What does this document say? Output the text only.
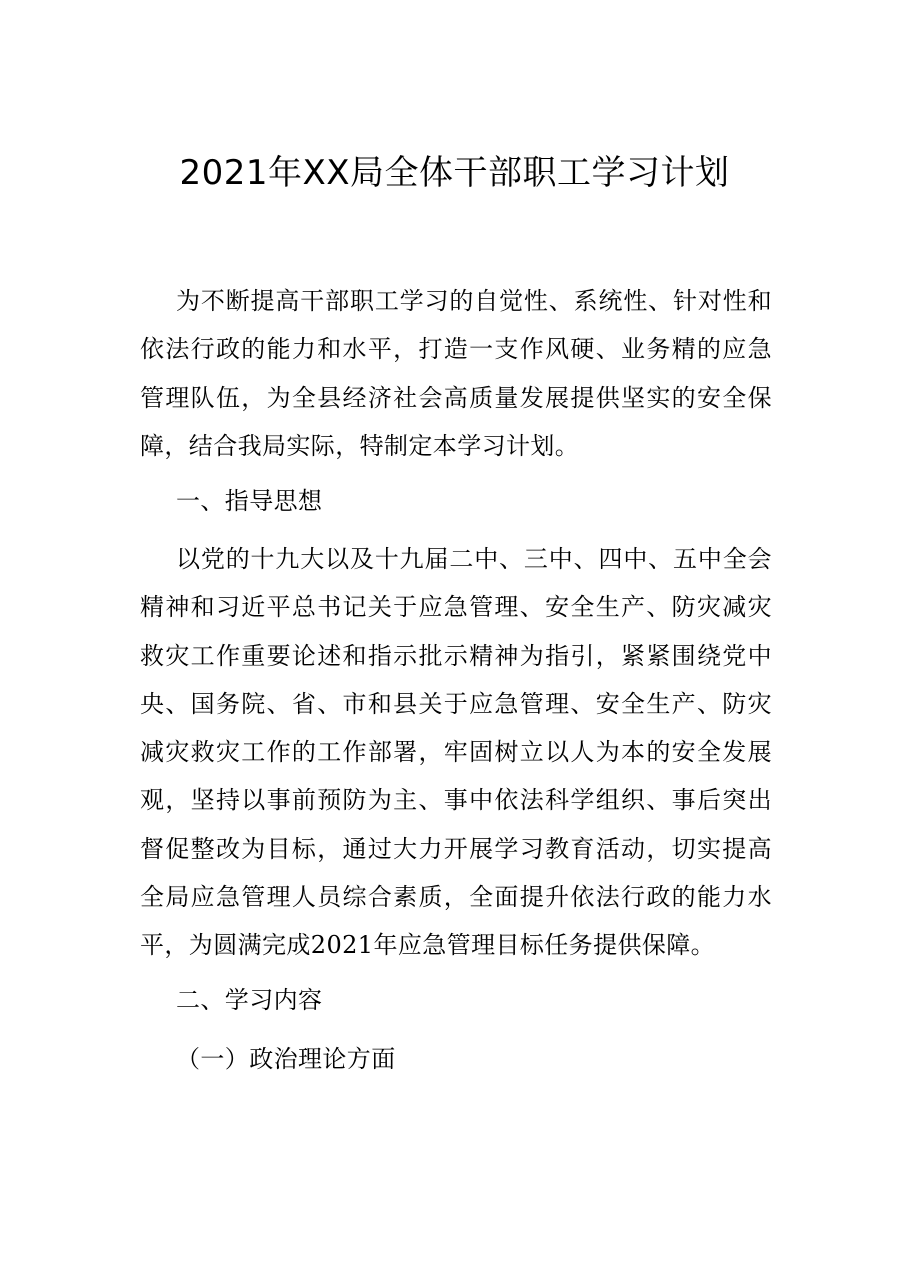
2021年XX局全体干部职工学习计划

为不断提高干部职工学习的自觉性、系统性、针对性和依法行政的能力和水平，打造一支作风硬、业务精的应急管理队伍，为全县经济社会高质量发展提供坚实的安全保障，结合我局实际，特制定本学习计划。

一、指导思想

以党的十九大以及十九届二中、三中、四中、五中全会精神和习近平总书记关于应急管理、安全生产、防灾减灾救灾工作重要论述和指示批示精神为指引，紧紧围绕党中央、国务院、省、市和县关于应急管理、安全生产、防灾减灾救灾工作的工作部署，牢固树立以人为本的安全发展观，坚持以事前预防为主、事中依法科学组织、事后突出督促整改为目标，通过大力开展学习教育活动，切实提高全局应急管理人员综合素质，全面提升依法行政的能力水平，为圆满完成2021年应急管理目标任务提供保障。

二、学习内容

（一）政治理论方面
